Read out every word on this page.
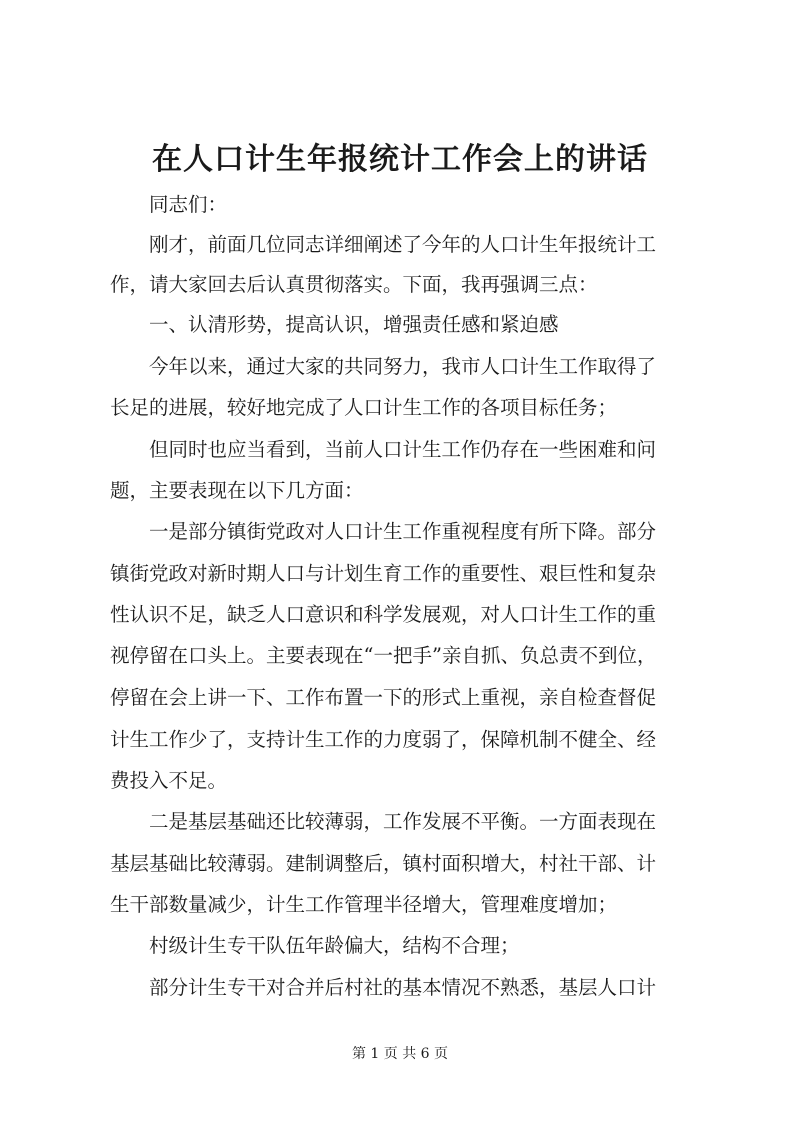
在人口计生年报统计工作会上的讲话
　　同志们：
　　刚才，前面几位同志详细阐述了今年的人口计生年报统计工
作，请大家回去后认真贯彻落实。下面，我再强调三点：
　　一、认清形势，提高认识，增强责任感和紧迫感
　　今年以来，通过大家的共同努力，我市人口计生工作取得了
长足的进展，较好地完成了人口计生工作的各项目标任务；
　　但同时也应当看到，当前人口计生工作仍存在一些困难和问
题，主要表现在以下几方面：
　　一是部分镇街党政对人口计生工作重视程度有所下降。部分
镇街党政对新时期人口与计划生育工作的重要性、艰巨性和复杂
性认识不足，缺乏人口意识和科学发展观，对人口计生工作的重
视停留在口头上。主要表现在“一把手”亲自抓、负总责不到位，
停留在会上讲一下、工作布置一下的形式上重视，亲自检查督促
计生工作少了，支持计生工作的力度弱了，保障机制不健全、经
费投入不足。
　　二是基层基础还比较薄弱，工作发展不平衡。一方面表现在
基层基础比较薄弱。建制调整后，镇村面积增大，村社干部、计
生干部数量减少，计生工作管理半径增大，管理难度增加；
　　村级计生专干队伍年龄偏大，结构不合理；
　　部分计生专干对合并后村社的基本情况不熟悉，基层人口计
第 1 页 共 6 页
